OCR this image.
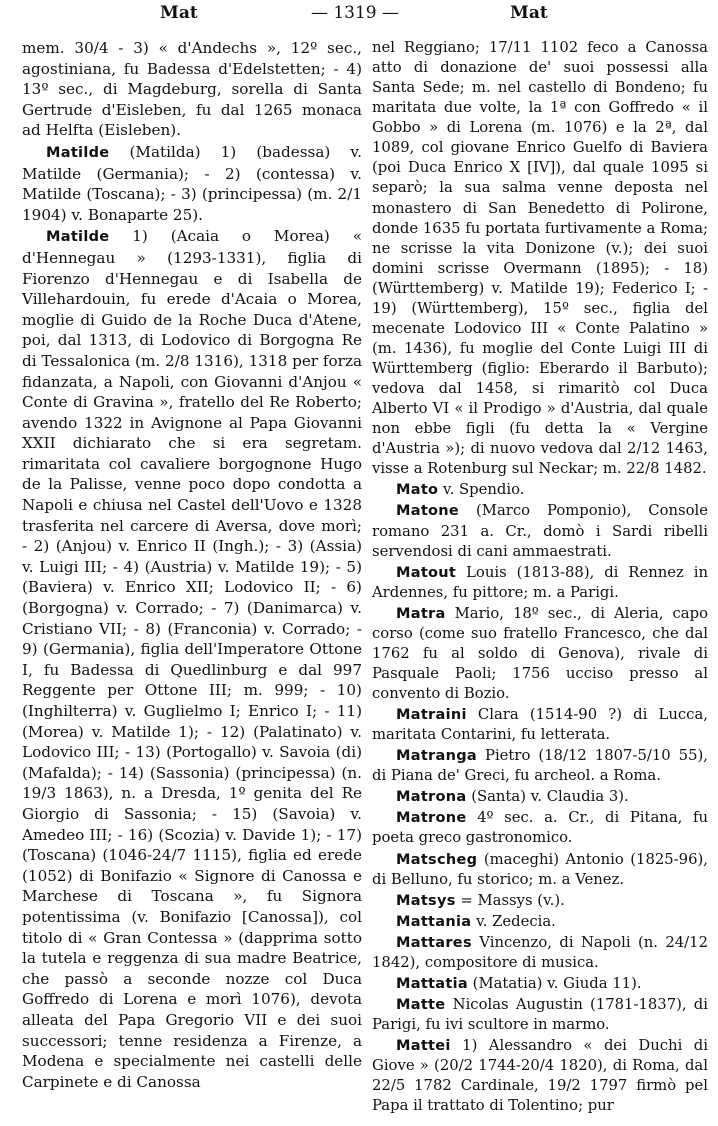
Mat	— 1319 —	Mat

mem. 30/4 - 3) « d'Andechs », 12º sec., agostiniana, fu Badessa d'Edelstetten; - 4) 13º sec., di Magdeburg, sorella di Santa Gertrude d'Eisleben, fu dal 1265 monaca ad Helfta (Eisleben).

Matilde (Matilda) 1) (badessa) v. Matilde (Germania); - 2) (contessa) v. Matilde (Toscana); - 3) (principessa) (m. 2/1 1904) v. Bonaparte 25).

Matilde 1) (Acaia o Morea) « d'Hennegau » (1293-1331), figlia di Fiorenzo d'Hennegau e di Isabella de Villehardouin, fu erede d'Acaia o Morea, moglie di Guido de la Roche Duca d'Atene, poi, dal 1313, di Lodovico di Borgogna Re di Tessalonica (m. 2/8 1316), 1318 per forza fidanzata, a Napoli, con Giovanni d'Anjou « Conte di Gravina », fratello del Re Roberto; avendo 1322 in Avignone al Papa Giovanni XXII dichiarato che si era segretam. rimaritata col cavaliere borgognone Hugo de la Palisse, venne poco dopo condotta a Napoli e chiusa nel Castel dell'Uovo e 1328 trasferita nel carcere di Aversa, dove morì; - 2) (Anjou) v. Enrico II (Ingh.); - 3) (Assia) v. Luigi III; - 4) (Austria) v. Matilde 19); - 5) (Baviera) v. Enrico XII; Lodovico II; - 6) (Borgogna) v. Corrado; - 7) (Danimarca) v. Cristiano VII; - 8) (Franconia) v. Corrado; - 9) (Germania), figlia dell'Imperatore Ottone I, fu Badessa di Quedlinburg e dal 997 Reggente per Ottone III; m. 999; - 10) (Inghilterra) v. Guglielmo I; Enrico I; - 11) (Morea) v. Matilde 1); - 12) (Palatinato) v. Lodovico III; - 13) (Portogallo) v. Savoia (di) (Mafalda); - 14) (Sassonia) (principessa) (n. 19/3 1863), n. a Dresda, 1º genita del Re Giorgio di Sassonia; - 15) (Savoia) v. Amedeo III; - 16) (Scozia) v. Davide 1); - 17) (Toscana) (1046-24/7 1115), figlia ed erede (1052) di Bonifazio « Signore di Canossa e Marchese di Toscana », fu Signora potentissima (v. Bonifazio [Canossa]), col titolo di « Gran Contessa » (dapprima sotto la tutela e reggenza di sua madre Beatrice, che passò a seconde nozze col Duca Goffredo di Lorena e morì 1076), devota alleata del Papa Gregorio VII e dei suoi successori; tenne residenza a Firenze, a Modena e specialmente nei castelli delle Carpinete e di Canossa

nel Reggiano; 17/11 1102 feco a Canossa atto di donazione de' suoi possessi alla Santa Sede; m. nel castello di Bondeno; fu maritata due volte, la 1ª con Goffredo « il Gobbo » di Lorena (m. 1076) e la 2ª, dal 1089, col giovane Enrico Guelfo di Baviera (poi Duca Enrico X [IV]), dal quale 1095 si separò; la sua salma venne deposta nel monastero di San Benedetto di Polirone, donde 1635 fu portata furtivamente a Roma; ne scrisse la vita Donizone (v.); dei suoi domini scrisse Overmann (1895); - 18) (Württemberg) v. Matilde 19); Federico I; - 19) (Württemberg), 15º sec., figlia del mecenate Lodovico III « Conte Palatino » (m. 1436), fu moglie del Conte Luigi III di Württemberg (figlio: Eberardo il Barbuto); vedova dal 1458, si rimaritò col Duca Alberto VI « il Prodigo » d'Austria, dal quale non ebbe figli (fu detta la « Vergine d'Austria »); di nuovo vedova dal 2/12 1463, visse a Rotenburg sul Neckar; m. 22/8 1482.

Mato v. Spendio.

Matone (Marco Pomponio), Console romano 231 a. Cr., domò i Sardi ribelli servendosi di cani ammaestrati.

Matout Louis (1813-88), di Rennez in Ardennes, fu pittore; m. a Parigi.

Matra Mario, 18º sec., di Aleria, capo corso (come suo fratello Francesco, che dal 1762 fu al soldo di Genova), rivale di Pasquale Paoli; 1756 ucciso presso al convento di Bozio.

Matraini Clara (1514-90 ?) di Lucca, maritata Contarini, fu letterata.

Matranga Pietro (18/12 1807-5/10 55), di Piana de' Greci, fu archeol. a Roma.

Matrona (Santa) v. Claudia 3).

Matrone 4º sec. a. Cr., di Pitana, fu poeta greco gastronomico.

Matscheg (maceghi) Antonio (1825-96), di Belluno, fu storico; m. a Venez.

Matsys = Massys (v.).

Mattania v. Zedecia.

Mattares Vincenzo, di Napoli (n. 24/12 1842), compositore di musica.

Mattatia (Matatia) v. Giuda 11).

Matte Nicolas Augustin (1781-1837), di Parigi, fu ivi scultore in marmo.

Mattei 1) Alessandro « dei Duchi di Giove » (20/2 1744-20/4 1820), di Roma, dal 22/5 1782 Cardinale, 19/2 1797 firmò pel Papa il trattato di Tolentino; pur
